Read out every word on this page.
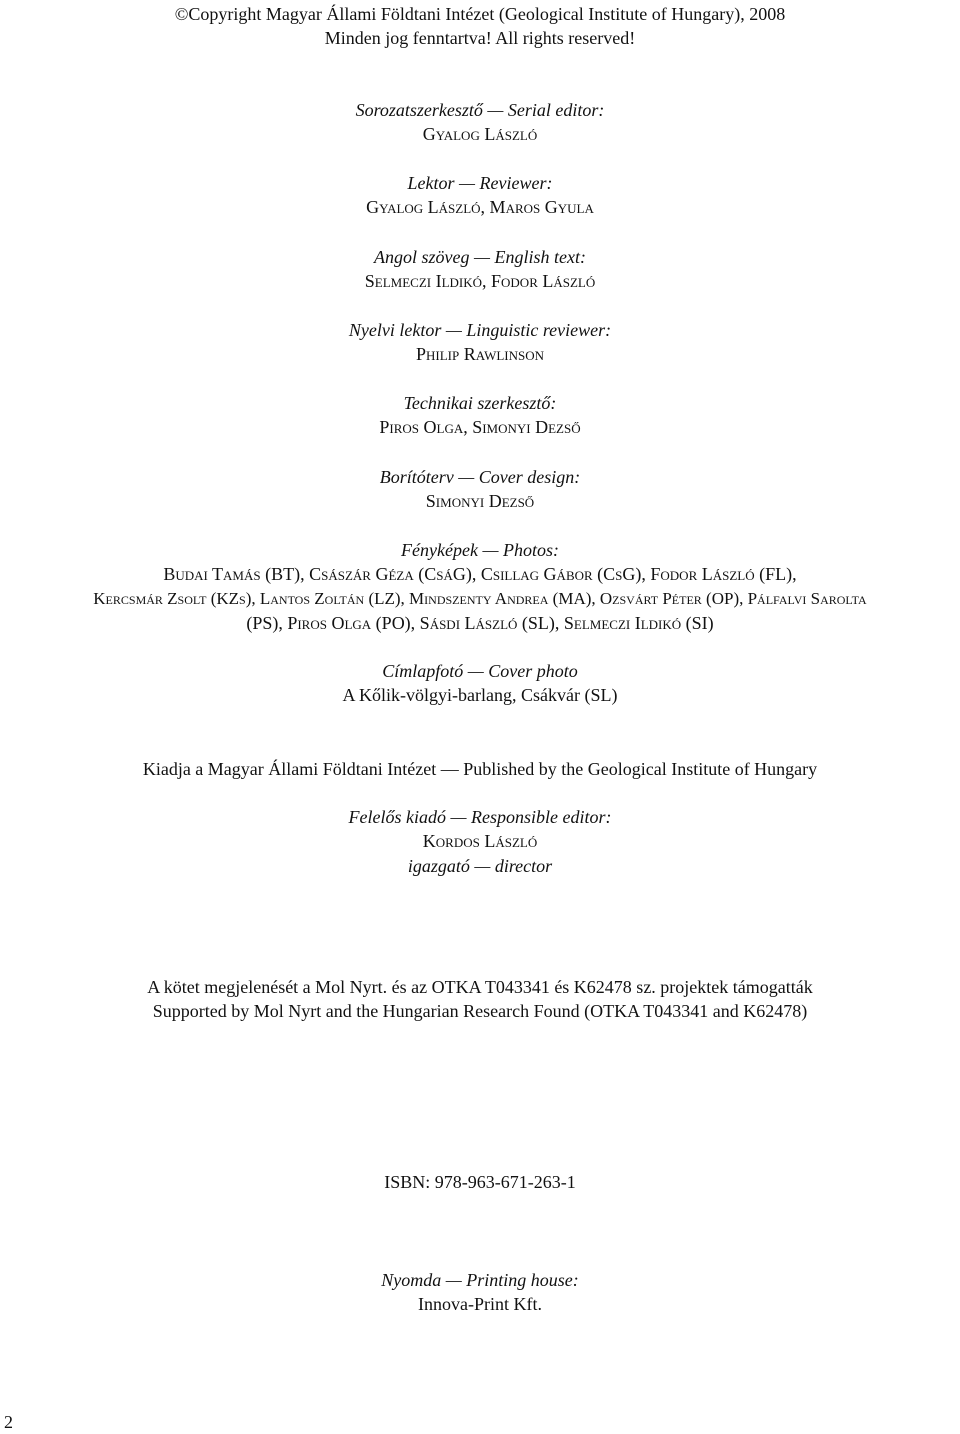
©Copyright Magyar Állami Földtani Intézet (Geological Institute of Hungary), 2008
Minden jog fenntartva! All rights reserved!
Sorozatszerkesztő — Serial editor:
Gyalog László
Lektor — Reviewer:
Gyalog László, Maros Gyula
Angol szöveg — English text:
Selmeczi Ildikó, Fodor László
Nyelvi lektor — Linguistic reviewer:
Philip Rawlinson
Technikai szerkesztő:
Piros Olga, Simonyi Dezső
Borítóterv — Cover design:
Simonyi Dezső
Fényképek — Photos:
Budai Tamás (BT), Császár Géza (CsáG), Csillag Gábor (CsG), Fodor László (FL),
Kercsmár Zsolt (KZs), Lantos Zoltán (LZ), Mindszenty Andrea (MA), Ozsvárt Péter (OP), Pálfalvi Sarolta
(PS), Piros Olga (PO), Sásdi László (SL), Selmeczi Ildikó (SI)
Címlapfotó — Cover photo
A Kőlik-völgyi-barlang, Csákvár (SL)
Kiadja a Magyar Állami Földtani Intézet — Published by the Geological Institute of Hungary
Felelős kiadó — Responsible editor:
Kordos László
igazgató — director
A kötet megjelenését a Mol Nyrt. és az OTKA T043341 és K62478 sz. projektek támogatták
Supported by Mol Nyrt and the Hungarian Research Found (OTKA T043341 and K62478)
ISBN: 978-963-671-263-1
Nyomda — Printing house:
Innova-Print Kft.
2
